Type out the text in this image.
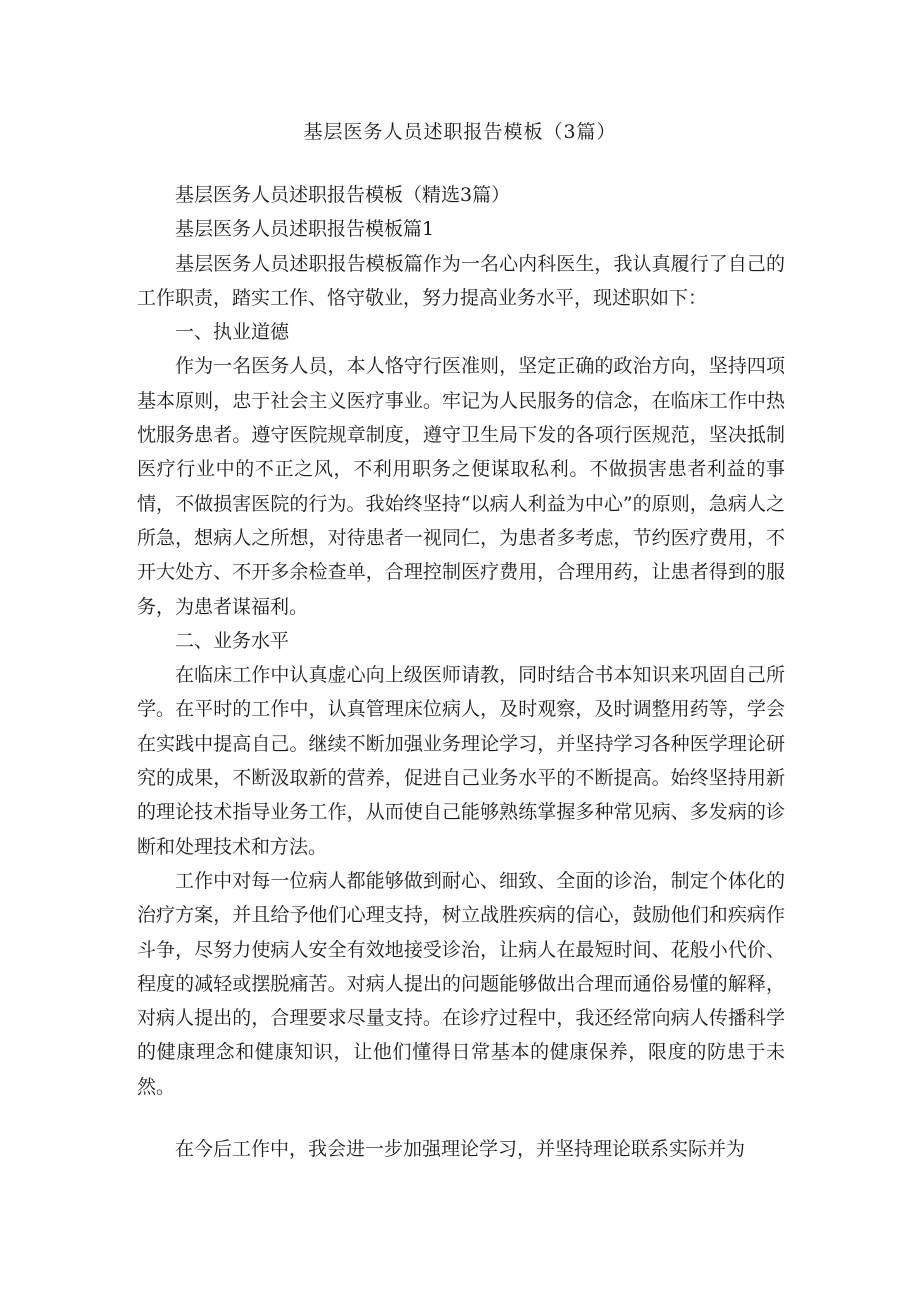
基层医务人员述职报告模板（3篇）

基层医务人员述职报告模板（精选3篇）

基层医务人员述职报告模板篇1

基层医务人员述职报告模板篇作为一名心内科医生，我认真履行了自己的工作职责，踏实工作、恪守敬业，努力提高业务水平，现述职如下：

一、执业道德

作为一名医务人员，本人恪守行医准则，坚定正确的政治方向，坚持四项基本原则，忠于社会主义医疗事业。牢记为人民服务的信念，在临床工作中热忱服务患者。遵守医院规章制度，遵守卫生局下发的各项行医规范，坚决抵制医疗行业中的不正之风，不利用职务之便谋取私利。不做损害患者利益的事情，不做损害医院的行为。我始终坚持“以病人利益为中心”的原则，急病人之所急，想病人之所想，对待患者一视同仁，为患者多考虑，节约医疗费用，不开大处方、不开多余检查单，合理控制医疗费用，合理用药，让患者得到的服务，为患者谋福利。

二、业务水平

在临床工作中认真虚心向上级医师请教，同时结合书本知识来巩固自己所学。在平时的工作中，认真管理床位病人，及时观察，及时调整用药等，学会在实践中提高自己。继续不断加强业务理论学习，并坚持学习各种医学理论研究的成果，不断汲取新的营养，促进自己业务水平的不断提高。始终坚持用新的理论技术指导业务工作，从而使自己能够熟练掌握多种常见病、多发病的诊断和处理技术和方法。

工作中对每一位病人都能够做到耐心、细致、全面的诊治，制定个体化的治疗方案，并且给予他们心理支持，树立战胜疾病的信心，鼓励他们和疾病作斗争，尽努力使病人安全有效地接受诊治，让病人在最短时间、花般小代价、程度的减轻或摆脱痛苦。对病人提出的问题能够做出合理而通俗易懂的解释，对病人提出的，合理要求尽量支持。在诊疗过程中，我还经常向病人传播科学的健康理念和健康知识，让他们懂得日常基本的健康保养，限度的防患于未然。

在今后工作中，我会进一步加强理论学习，并坚持理论联系实际并为
